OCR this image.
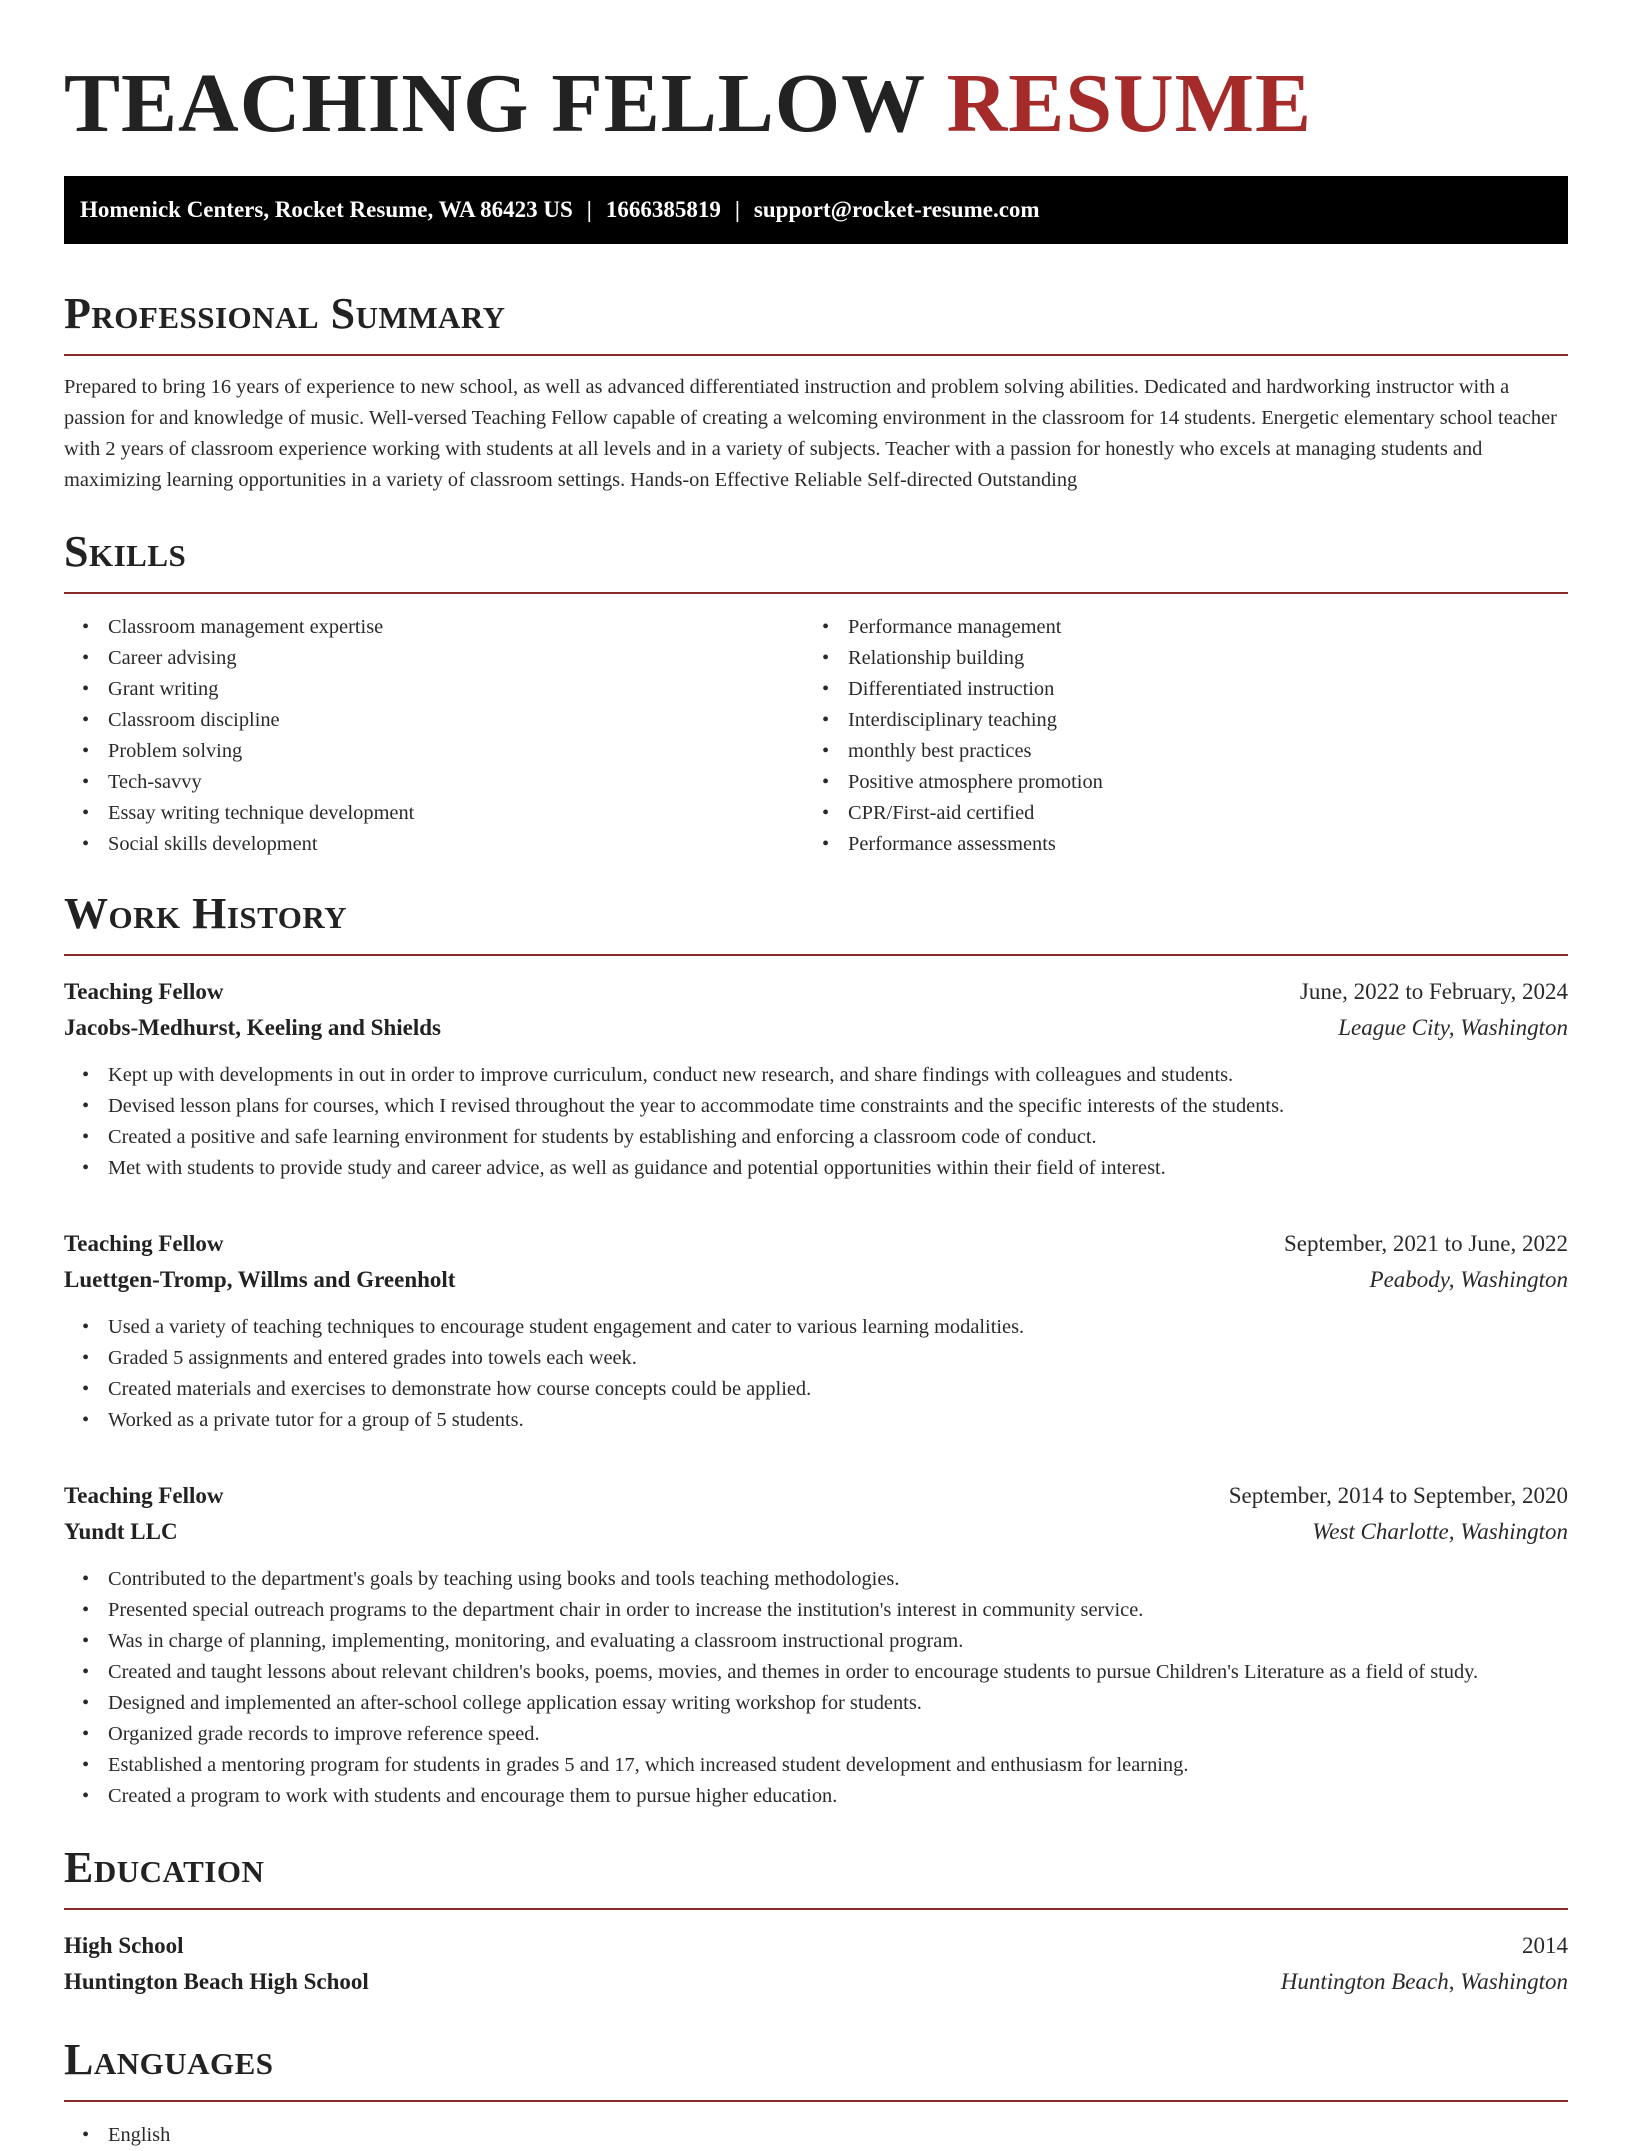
TEACHING FELLOW RESUME
Homenick Centers, Rocket Resume, WA 86423 US | 1666385819 | support@rocket-resume.com
Professional Summary

Prepared to bring 16 years of experience to new school, as well as advanced differentiated instruction and problem solving abilities. Dedicated and hardworking instructor with a passion for and knowledge of music. Well-versed Teaching Fellow capable of creating a welcoming environment in the classroom for 14 students. Energetic elementary school teacher with 2 years of classroom experience working with students at all levels and in a variety of subjects. Teacher with a passion for honestly who excels at managing students and maximizing learning opportunities in a variety of classroom settings. Hands-on Effective Reliable Self-directed Outstanding

Skills
• Classroom management expertise
• Career advising
• Grant writing
• Classroom discipline
• Problem solving
• Tech-savvy
• Essay writing technique development
• Social skills development
• Performance management
• Relationship building
• Differentiated instruction
• Interdisciplinary teaching
• monthly best practices
• Positive atmosphere promotion
• CPR/First-aid certified
• Performance assessments
Work History
Teaching Fellow	June, 2022 to February, 2024
Jacobs-Medhurst, Keeling and Shields	League City, Washington
• Kept up with developments in out in order to improve curriculum, conduct new research, and share findings with colleagues and students.
• Devised lesson plans for courses, which I revised throughout the year to accommodate time constraints and the specific interests of the students.
• Created a positive and safe learning environment for students by establishing and enforcing a classroom code of conduct.
• Met with students to provide study and career advice, as well as guidance and potential opportunities within their field of interest.
Teaching Fellow	September, 2021 to June, 2022
Luettgen-Tromp, Willms and Greenholt	Peabody, Washington
• Used a variety of teaching techniques to encourage student engagement and cater to various learning modalities.
• Graded 5 assignments and entered grades into towels each week.
• Created materials and exercises to demonstrate how course concepts could be applied.
• Worked as a private tutor for a group of 5 students.
Teaching Fellow	September, 2014 to September, 2020
Yundt LLC	West Charlotte, Washington
• Contributed to the department's goals by teaching using books and tools teaching methodologies.
• Presented special outreach programs to the department chair in order to increase the institution's interest in community service.
• Was in charge of planning, implementing, monitoring, and evaluating a classroom instructional program.
• Created and taught lessons about relevant children's books, poems, movies, and themes in order to encourage students to pursue Children's Literature as a field of study.
• Designed and implemented an after-school college application essay writing workshop for students.
• Organized grade records to improve reference speed.
• Established a mentoring program for students in grades 5 and 17, which increased student development and enthusiasm for learning.
• Created a program to work with students and encourage them to pursue higher education.
Education
High School	2014
Huntington Beach High School	Huntington Beach, Washington
Languages
• English
